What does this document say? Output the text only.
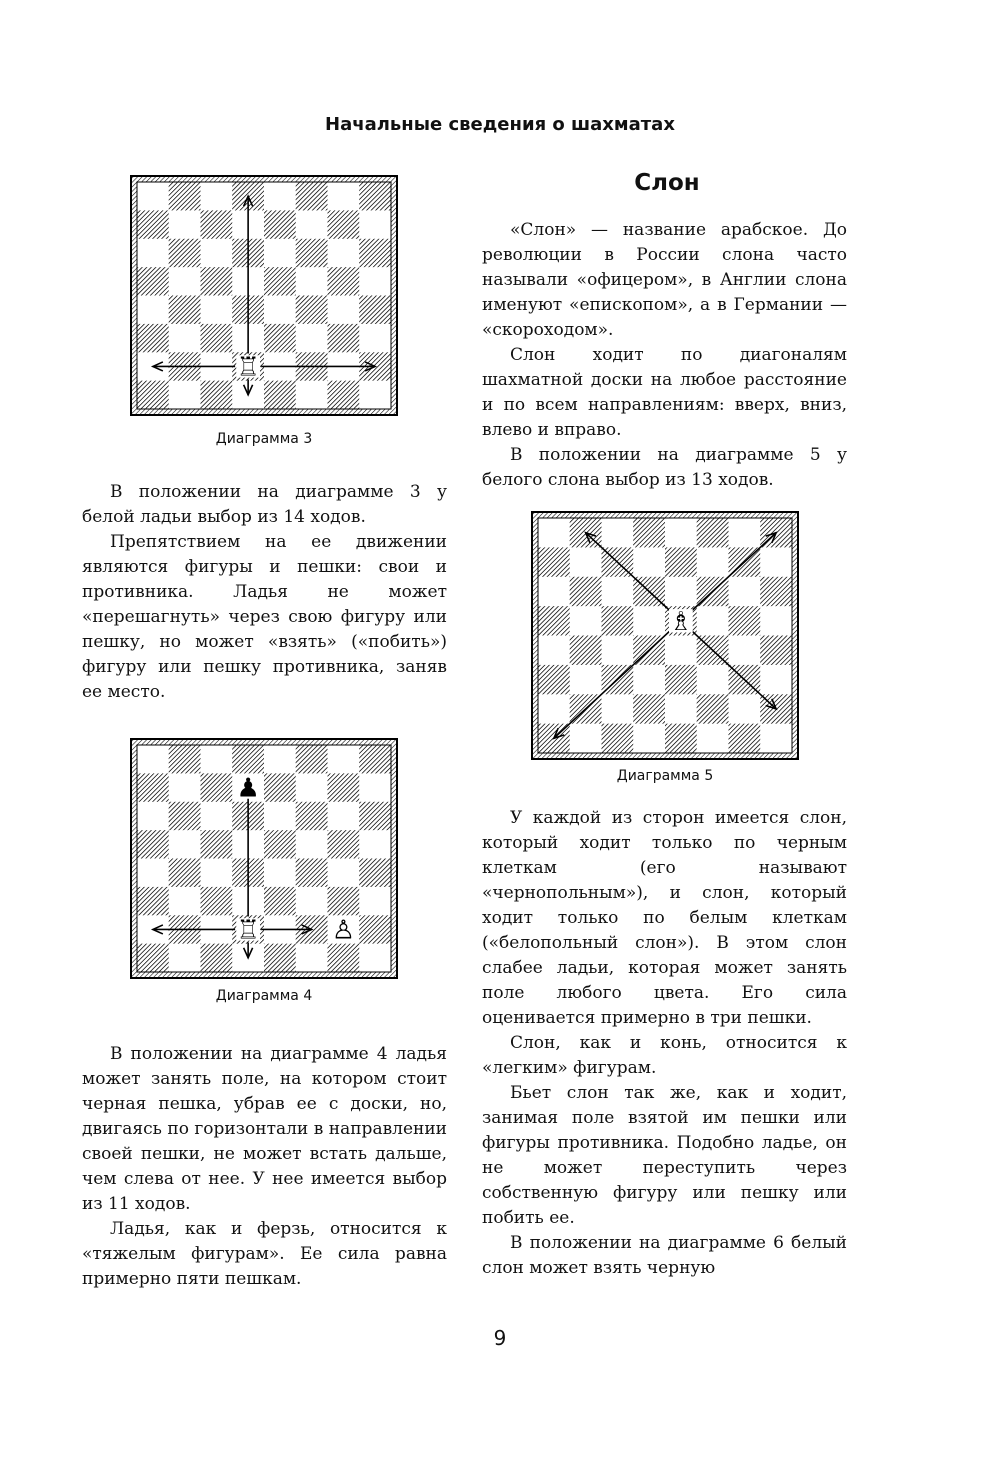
Начальные сведения о шахматах
♖
Диаграмма 3

В положении на диаграмме 3 у белой ладьи выбор из 14 ходов.

Препятствием на ее движении являются фигуры и пешки: свои и противника. Ладья не может «перешагнуть» через свою фигуру или пешку, но может «взять» («побить») фигуру или пешку противника, заняв ее место.

♖
♟
♙
Диаграмма 4

В положении на диаграмме 4 ладья может занять поле, на котором стоит черная пешка, убрав ее с доски, но, двигаясь по горизонтали в направлении своей пешки, не может встать дальше, чем слева от нее. У нее имеется выбор из 11 ходов.

Ладья, как и ферзь, относится к «тяжелым фигурам». Ее сила равна примерно пяти пешкам.

Слон

«Слон» — название арабское. До революции в России слона часто называли «офицером», в Англии слона именуют «епископом», а в Германии — «скороходом».

Слон ходит по диагоналям шахматной доски на любое расстояние и по всем направлениям: вверх, вниз, влево и вправо.

В положении на диаграмме 5 у белого слона выбор из 13 ходов.

♗
Диаграмма 5

У каждой из сторон имеется слон, который ходит только по черным клеткам (его называют «чернопольным»), и слон, который ходит только по белым клеткам («белопольный слон»). В этом слон слабее ладьи, которая может занять поле любого цвета. Его сила оценивается примерно в три пешки.

Слон, как и конь, относится к «легким» фигурам.

Бьет слон так же, как и ходит, занимая поле взятой им пешки или фигуры противника. Подобно ладье, он не может переступить через собственную фигуру или пешку или побить ее.

В положении на диаграмме 6 белый слон может взять черную

9
